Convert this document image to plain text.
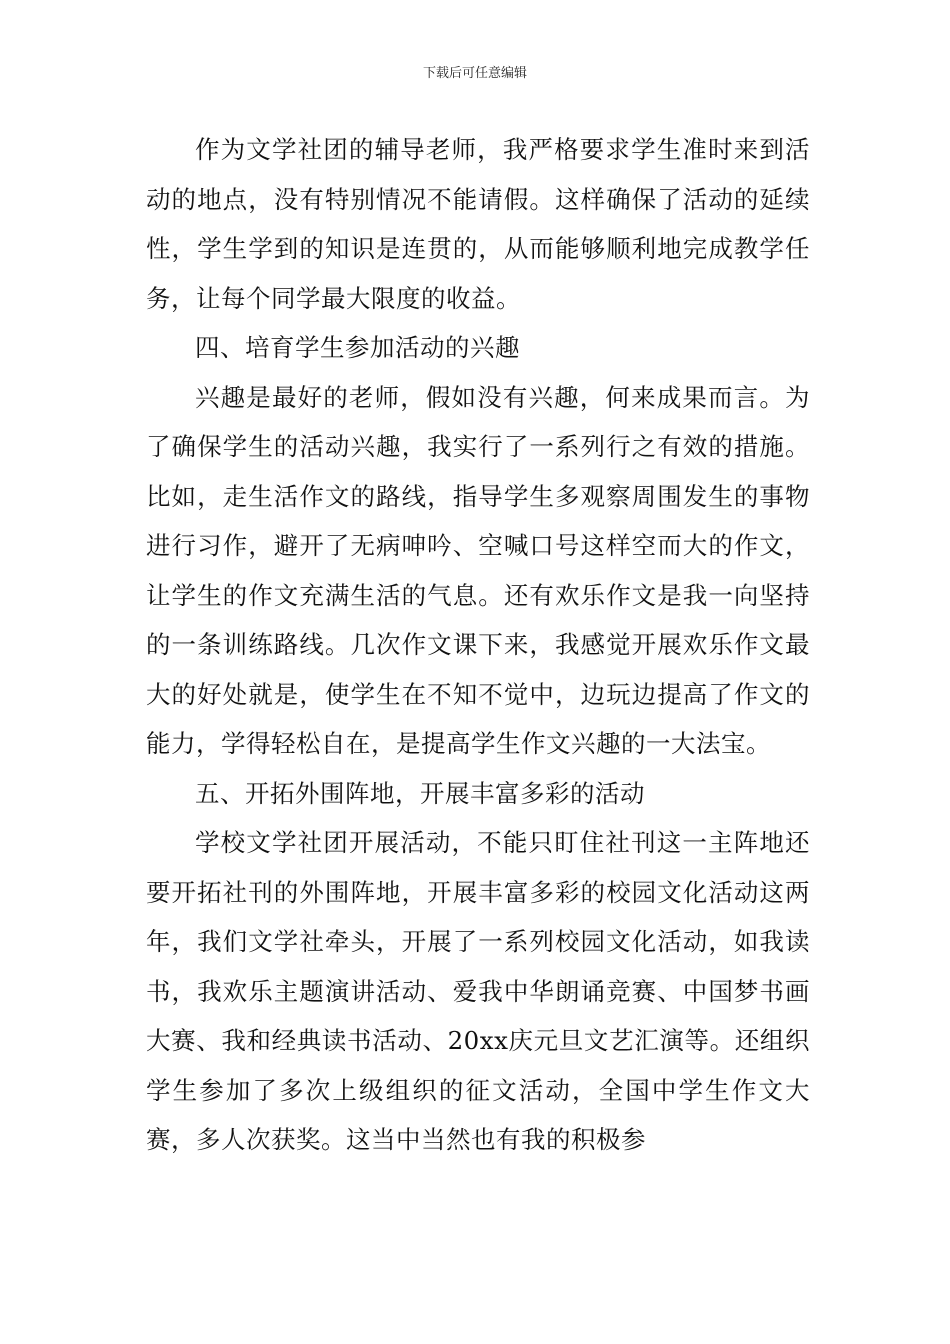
下载后可任意编辑

作为文学社团的辅导老师，我严格要求学生准时来到活动的地点，没有特别情况不能请假。这样确保了活动的延续性，学生学到的知识是连贯的，从而能够顺利地完成教学任务，让每个同学最大限度的收益。

四、培育学生参加活动的兴趣

兴趣是最好的老师，假如没有兴趣，何来成果而言。为了确保学生的活动兴趣，我实行了一系列行之有效的措施。比如，走生活作文的路线，指导学生多观察周围发生的事物进行习作，避开了无病呻吟、空喊口号这样空而大的作文，让学生的作文充满生活的气息。还有欢乐作文是我一向坚持的一条训练路线。几次作文课下来，我感觉开展欢乐作文最大的好处就是，使学生在不知不觉中，边玩边提高了作文的能力，学得轻松自在，是提高学生作文兴趣的一大法宝。

五、开拓外围阵地，开展丰富多彩的活动

学校文学社团开展活动，不能只盯住社刊这一主阵地还要开拓社刊的外围阵地，开展丰富多彩的校园文化活动这两年，我们文学社牵头，开展了一系列校园文化活动，如我读书，我欢乐主题演讲活动、爱我中华朗诵竞赛、中国梦书画大赛、我和经典读书活动、20xx庆元旦文艺汇演等。还组织学生参加了多次上级组织的征文活动，全国中学生作文大赛，多人次获奖。这当中当然也有我的积极参
